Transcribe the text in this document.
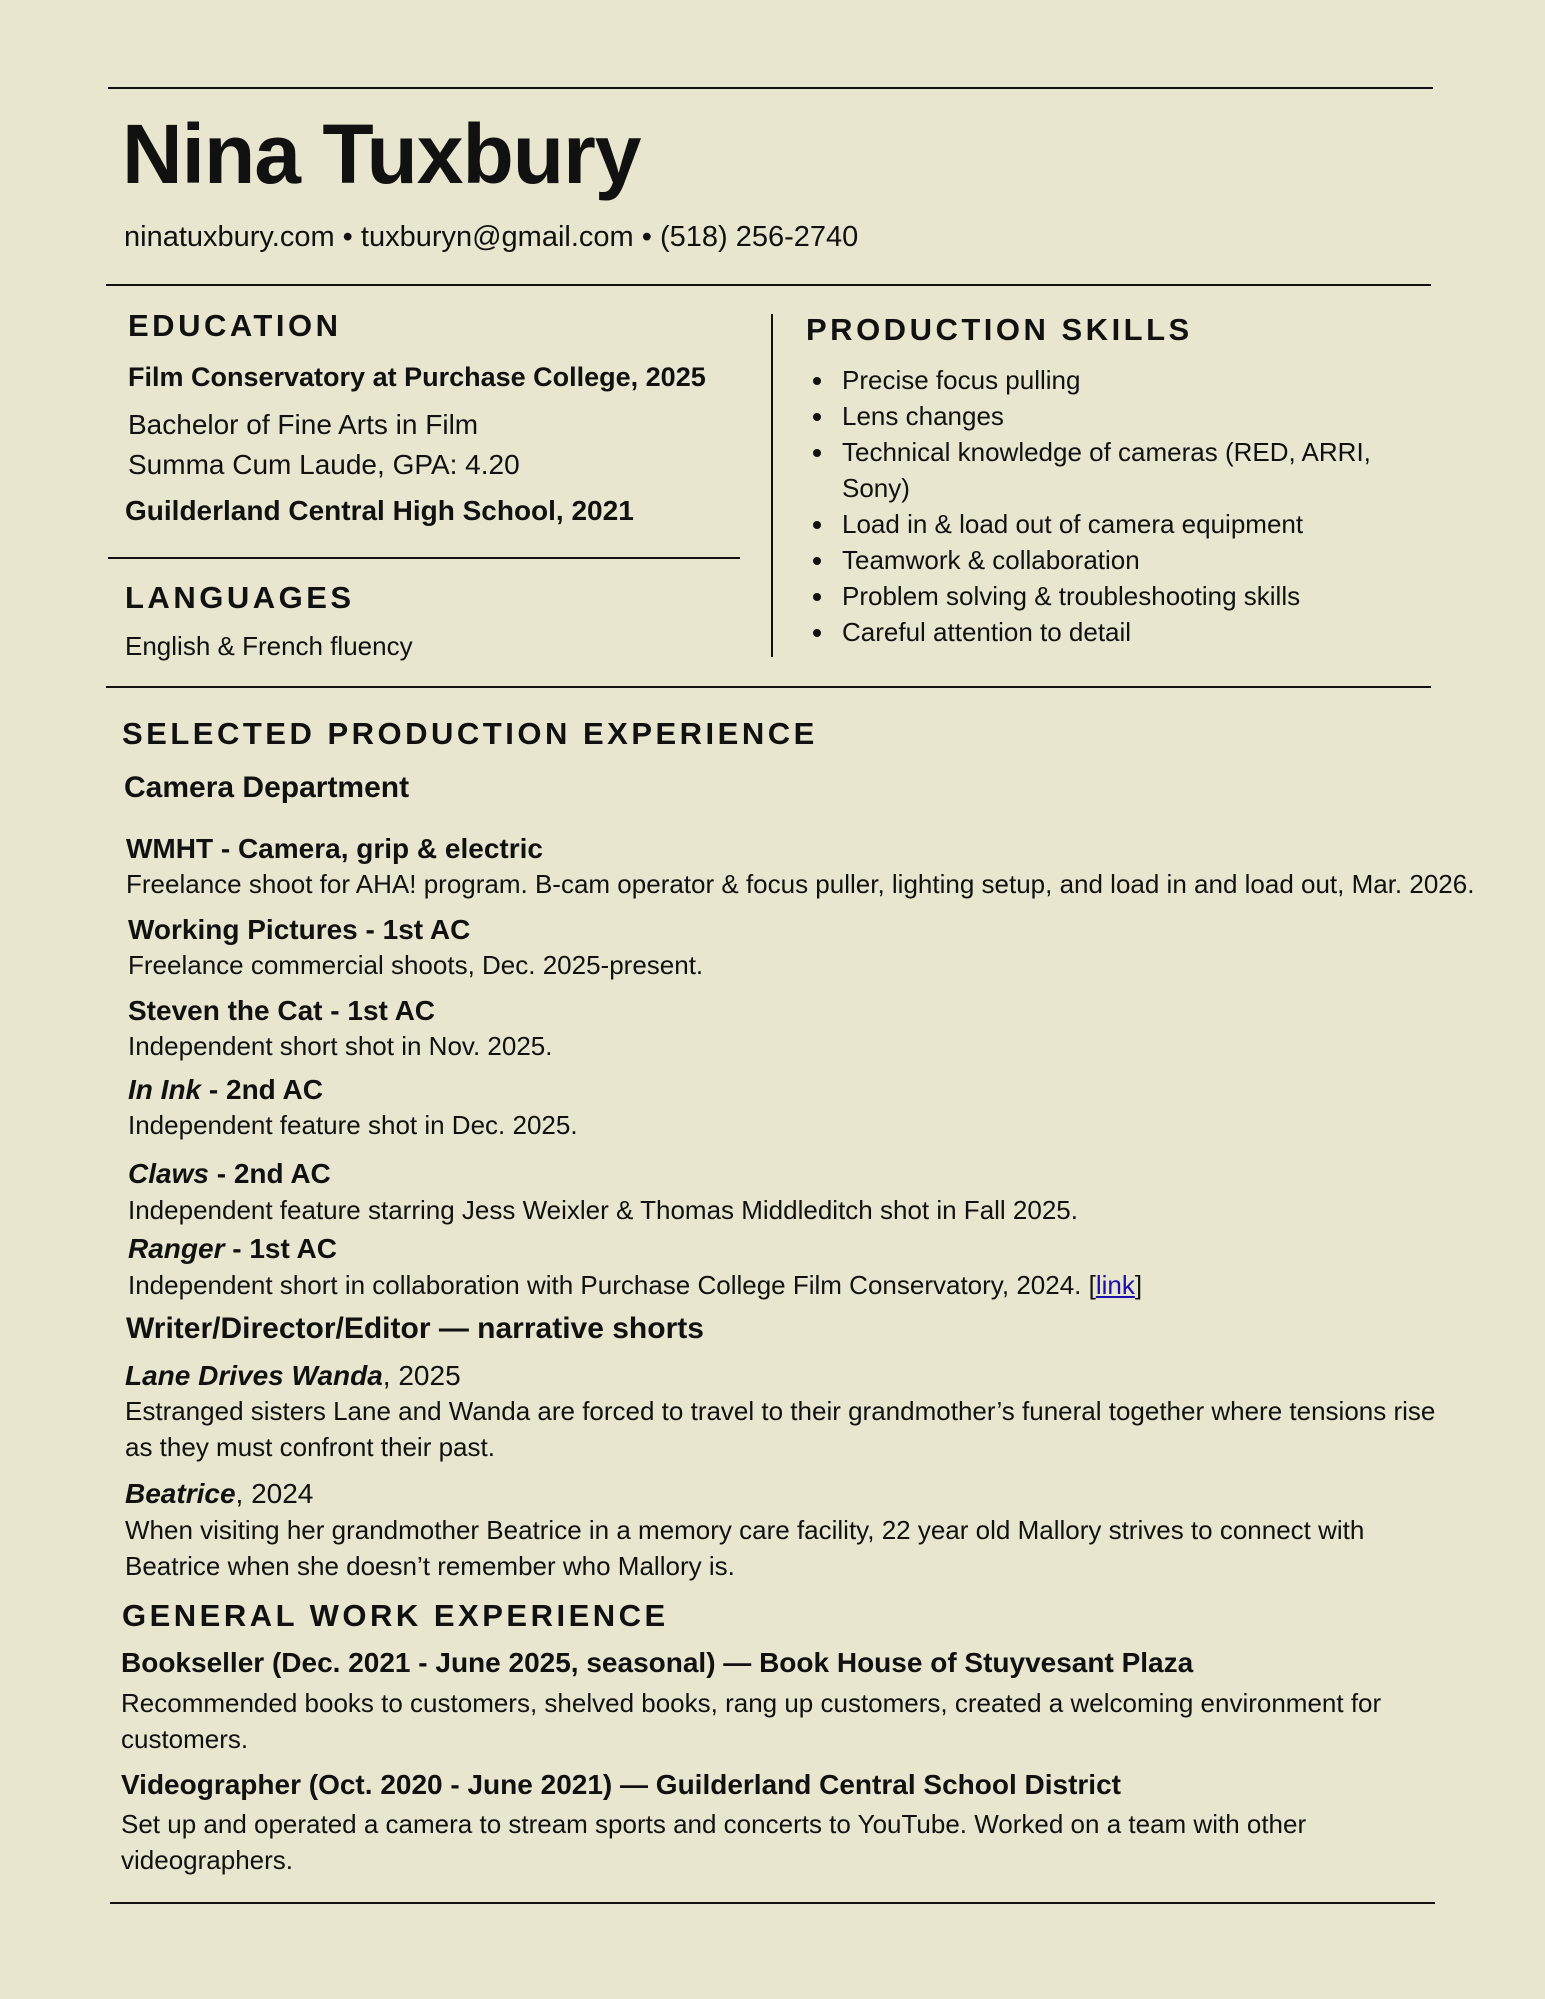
Nina Tuxbury
ninatuxbury.com • tuxburyn@gmail.com • (518) 256-2740
EDUCATION
Film Conservatory at Purchase College, 2025
Bachelor of Fine Arts in Film
Summa Cum Laude, GPA: 4.20
Guilderland Central High School, 2021
LANGUAGES
English & French fluency
PRODUCTION SKILLS
• Precise focus pulling
• Lens changes
• Technical knowledge of cameras (RED, ARRI, Sony)
• Load in & load out of camera equipment
• Teamwork & collaboration
• Problem solving & troubleshooting skills
• Careful attention to detail
SELECTED PRODUCTION EXPERIENCE
Camera Department
WMHT - Camera, grip & electric
Freelance shoot for AHA! program. B-cam operator & focus puller, lighting setup, and load in and load out, Mar. 2026.
Working Pictures - 1st AC
Freelance commercial shoots, Dec. 2025-present.
Steven the Cat - 1st AC
Independent short shot in Nov. 2025.
In Ink - 2nd AC
Independent feature shot in Dec. 2025.
Claws - 2nd AC
Independent feature starring Jess Weixler & Thomas Middleditch shot in Fall 2025.
Ranger - 1st AC
Independent short in collaboration with Purchase College Film Conservatory, 2024. [link]
Writer/Director/Editor — narrative shorts
Lane Drives Wanda, 2025
Estranged sisters Lane and Wanda are forced to travel to their grandmother’s funeral together where tensions rise as they must confront their past.
Beatrice, 2024
When visiting her grandmother Beatrice in a memory care facility, 22 year old Mallory strives to connect with Beatrice when she doesn’t remember who Mallory is.
GENERAL WORK EXPERIENCE
Bookseller (Dec. 2021 - June 2025, seasonal) — Book House of Stuyvesant Plaza
Recommended books to customers, shelved books, rang up customers, created a welcoming environment for customers.
Videographer (Oct. 2020 - June 2021) — Guilderland Central School District
Set up and operated a camera to stream sports and concerts to YouTube. Worked on a team with other videographers.
